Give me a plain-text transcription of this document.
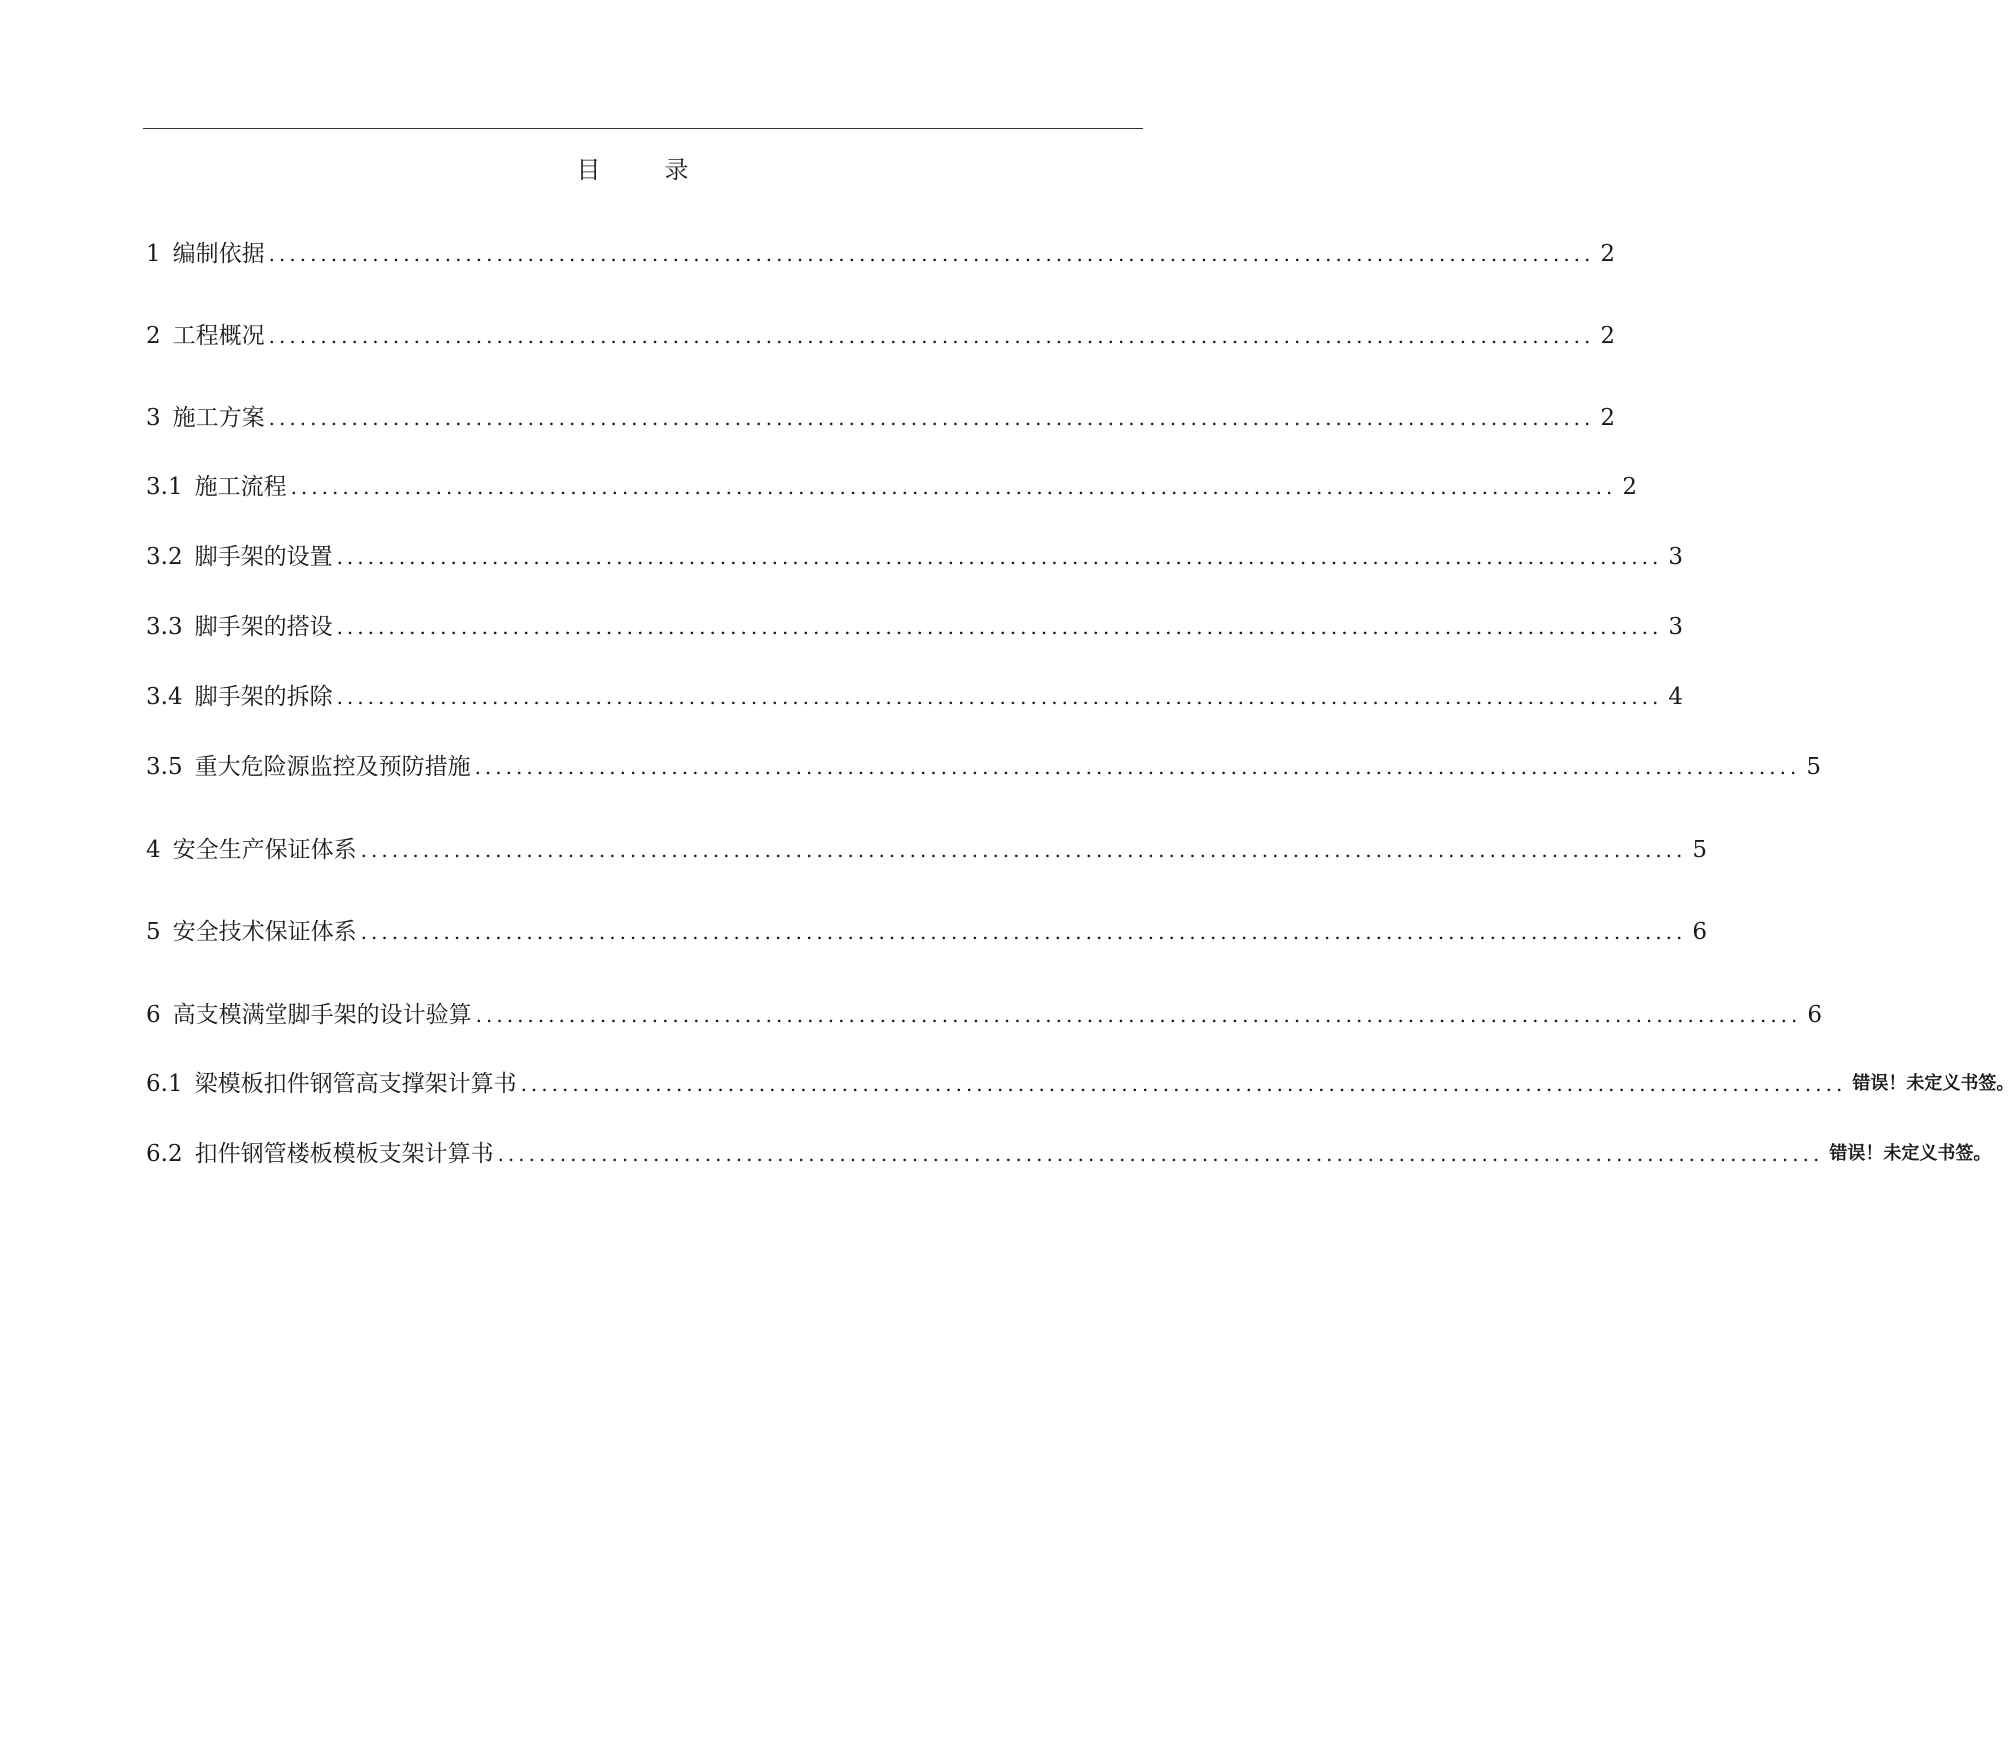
目　录
1 编制依据 ................................................................................................................................ 2
2 工程概况 ................................................................................................................................ 2
3 施工方案 ................................................................................................................................ 2
3.1 施工流程 ................................................................................................................................ 2
3.2 脚手架的设置 ................................................................................................................................ 3
3.3 脚手架的搭设 ................................................................................................................................ 3
3.4 脚手架的拆除 ................................................................................................................................ 4
3.5 重大危险源监控及预防措施 ................................................................................................................................ 5
4 安全生产保证体系 ................................................................................................................................ 5
5 安全技术保证体系 ................................................................................................................................ 6
6 高支模满堂脚手架的设计验算 ................................................................................................................................ 6
6.1 梁模板扣件钢管高支撑架计算书 ................................................................................................................................ 错误！未定义书签。
6.2 扣件钢管楼板模板支架计算书 ................................................................................................................................ 错误！未定义书签。
